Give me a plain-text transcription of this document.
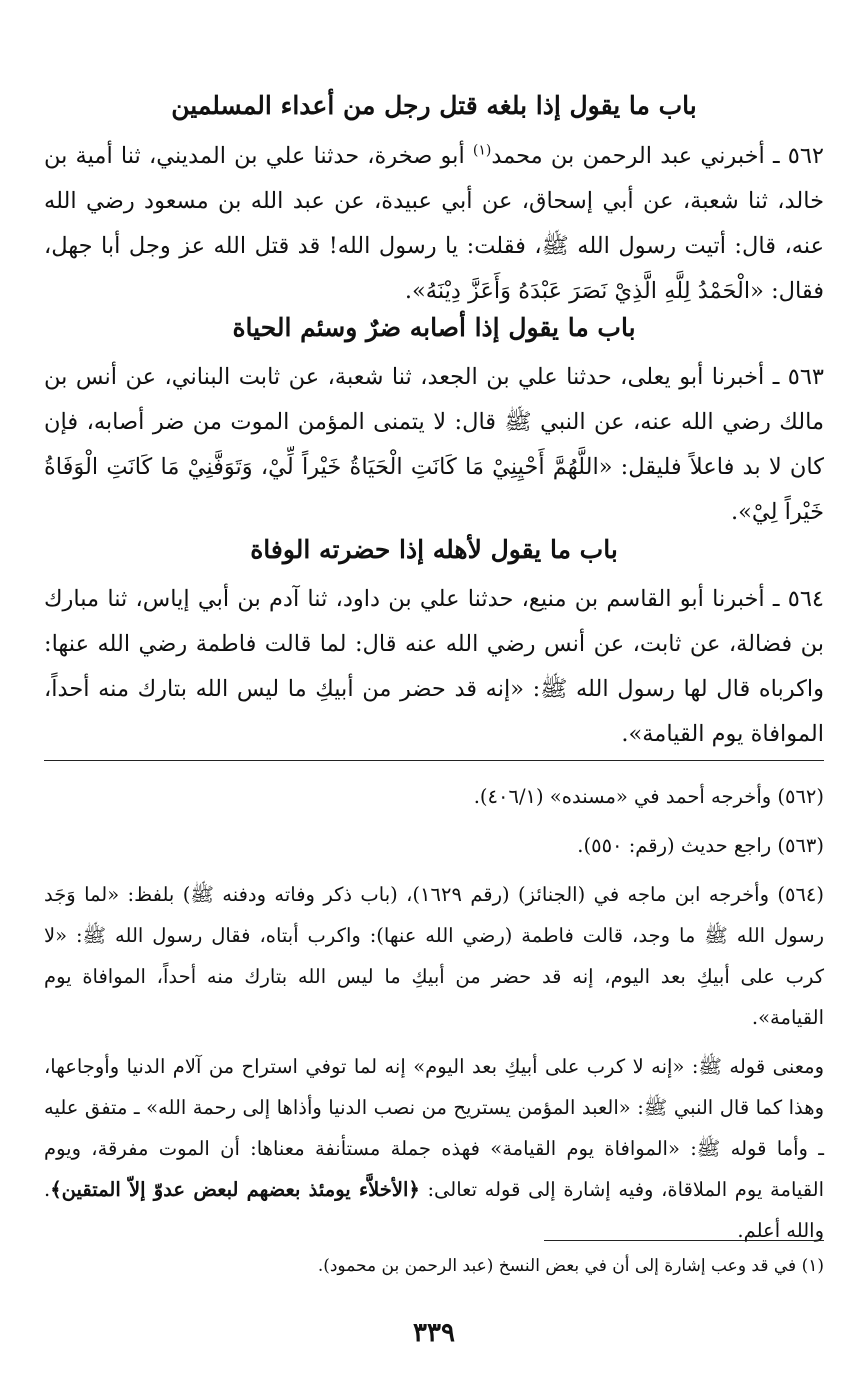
باب ما يقول إذا بلغه قتل رجل من أعداء المسلمين

٥٦٢ ـ أخبرني عبد الرحمن بن محمد$^{(١)}$ أبو صخرة، حدثنا علي بن المديني، ثنا أمية بن خالد، ثنا شعبة، عن أبي إسحاق، عن أبي عبيدة، عن عبد الله بن مسعود رضي الله عنه، قال: أتيت رسول الله ﷺ، فقلت: يا رسول الله! قد قتل الله عز وجل أبا جهل، فقال: «الْحَمْدُ لِلَّهِ الَّذِيْ نَصَرَ عَبْدَهُ وَأَعَزَّ دِيْنَهُ».

باب ما يقول إذا أصابه ضرٌ وسئم الحياة

٥٦٣ ـ أخبرنا أبو يعلى، حدثنا علي بن الجعد، ثنا شعبة، عن ثابت البناني، عن أنس بن مالك رضي الله عنه، عن النبي ﷺ قال: لا يتمنى المؤمن الموت من ضر أصابه، فإن كان لا بد فاعلاً فليقل: «اللَّهُمَّ أَحْيِنِيْ مَا كَانَتِ الْحَيَاةُ خَيْراً لِّيْ، وَتَوَفَّنِيْ مَا كَانَتِ الْوَفَاةُ خَيْراً لِيْ».

باب ما يقول لأهله إذا حضرته الوفاة

٥٦٤ ـ أخبرنا أبو القاسم بن منيع، حدثنا علي بن داود، ثنا آدم بن أبي إياس، ثنا مبارك بن فضالة، عن ثابت، عن أنس رضي الله عنه قال: لما قالت فاطمة رضي الله عنها: واكرباه قال لها رسول الله ﷺ: «إنه قد حضر من أبيكِ ما ليس الله بتارك منه أحداً، الموافاة يوم القيامة».

(٥٦٢) وأخرجه أحمد في «مسنده» (٤٠٦/١).

(٥٦٣) راجع حديث (رقم: ٥٥٠).

(٥٦٤) وأخرجه ابن ماجه في (الجنائز) (رقم ١٦٢٩)، (باب ذكر وفاته ودفنه ﷺ) بلفظ: «لما وَجَد رسول الله ﷺ ما وجد، قالت فاطمة (رضي الله عنها): واكرب أبتاه، فقال رسول الله ﷺ: «لا كرب على أبيكِ بعد اليوم، إنه قد حضر من أبيكِ ما ليس الله بتارك منه أحداً، الموافاة يوم القيامة».

ومعنى قوله ﷺ: «إنه لا كرب على أبيكِ بعد اليوم» إنه لما توفي استراح من آلام الدنيا وأوجاعها، وهذا كما قال النبي ﷺ: «العبد المؤمن يستريح من نصب الدنيا وأذاها إلى رحمة الله» ـ متفق عليه ـ وأما قوله ﷺ: «الموافاة يوم القيامة» فهذه جملة مستأنفة معناها: أن الموت مفرقة، ويوم القيامة يوم الملاقاة، وفيه إشارة إلى قوله تعالى: ﴿الأخلاَّء يومئذ بعضهم لبعض عدوّ إلاّ المتقين﴾. والله أعلم.

(١) في قد وعب إشارة إلى أن في بعض النسخ (عبد الرحمن بن محمود).

٣٣٩
